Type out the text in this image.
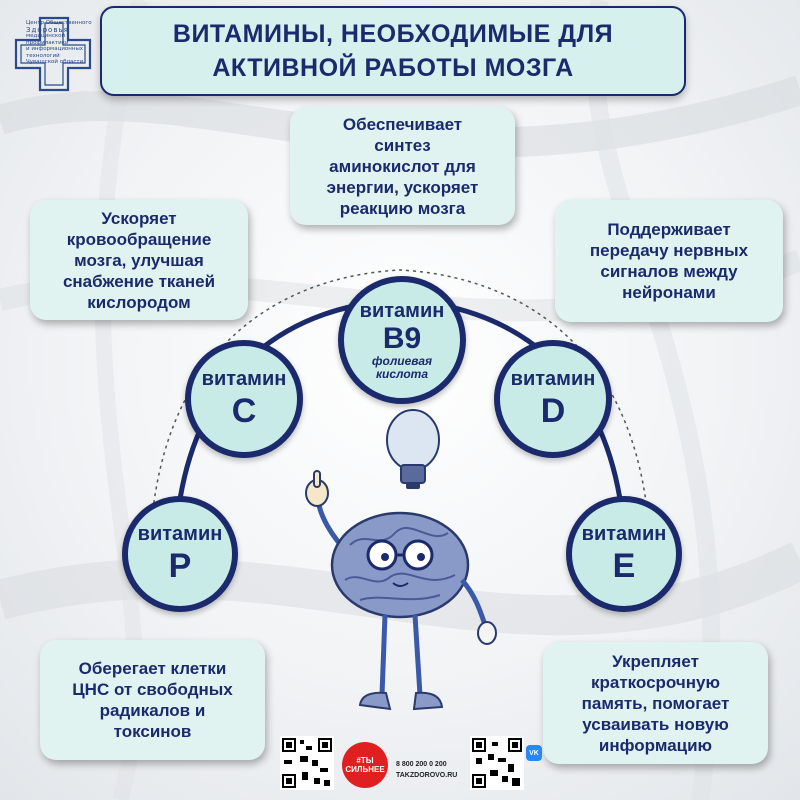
Центр Общественного
Здоровья
медицинской профилактики
и информационных технологий
Чувашской области
ВИТАМИНЫ, НЕОБХОДИМЫЕ ДЛЯ
АКТИВНОЙ РАБОТЫ МОЗГА
Обеспечивает
синтез
аминокислот для
энергии, ускоряет
реакцию мозга
Ускоряет
кровообращение
мозга, улучшая
снабжение тканей
кислородом
Поддерживает
передачу нервных
сигналов между
нейронами
Оберегает клетки
ЦНС от свободных
радикалов и
токсинов
Укрепляет
краткосрочную
память, помогает
усваивать новую
информацию
витамин
P
витамин
C
витамин
B9
фолиевая
кислота	витамин
D
витамин
E
#ТЫ СИЛЬНЕЕ
8 800 200 0 200
TAKZDOROVO.RU
VK
